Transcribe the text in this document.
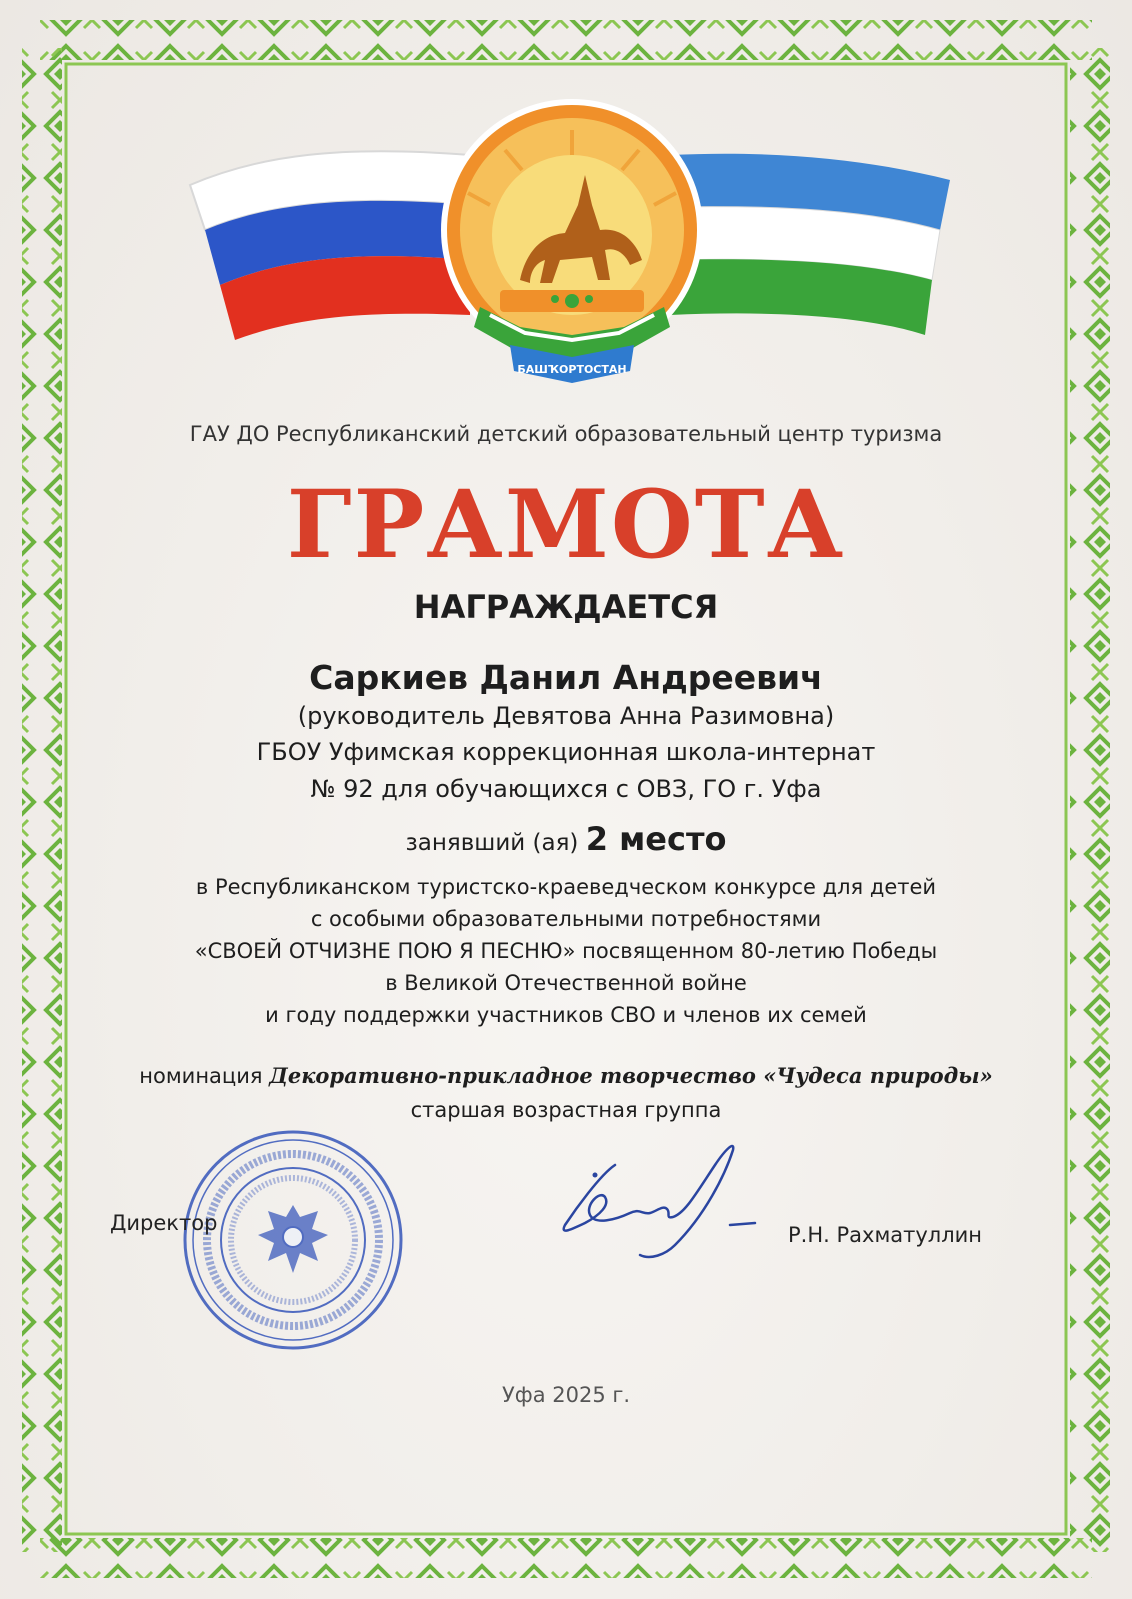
БАШҠОРТОСТАН

ГАУ ДО Республиканский детский образовательный центр туризма

ГРАМОТА

НАГРАЖДАЕТСЯ

Саркиев Данил Андреевич

(руководитель Девятова Анна Разимовна)

ГБОУ Уфимская коррекционная школа-интернат

№ 92 для обучающихся с ОВЗ, ГО г. Уфа

занявший (ая) 2 место

в Республиканском туристско-краеведческом конкурсе для детей

с особыми образовательными потребностями

«СВОЕЙ ОТЧИЗНЕ ПОЮ Я ПЕСНЮ» посвященном 80-летию Победы

в Великой Отечественной войне

и году поддержки участников СВО и членов их семей

номинация Декоративно-прикладное творчество «Чудеса природы»

старшая возрастная группа

Директор	Р.Н. Рахматуллин

Уфа 2025 г.
